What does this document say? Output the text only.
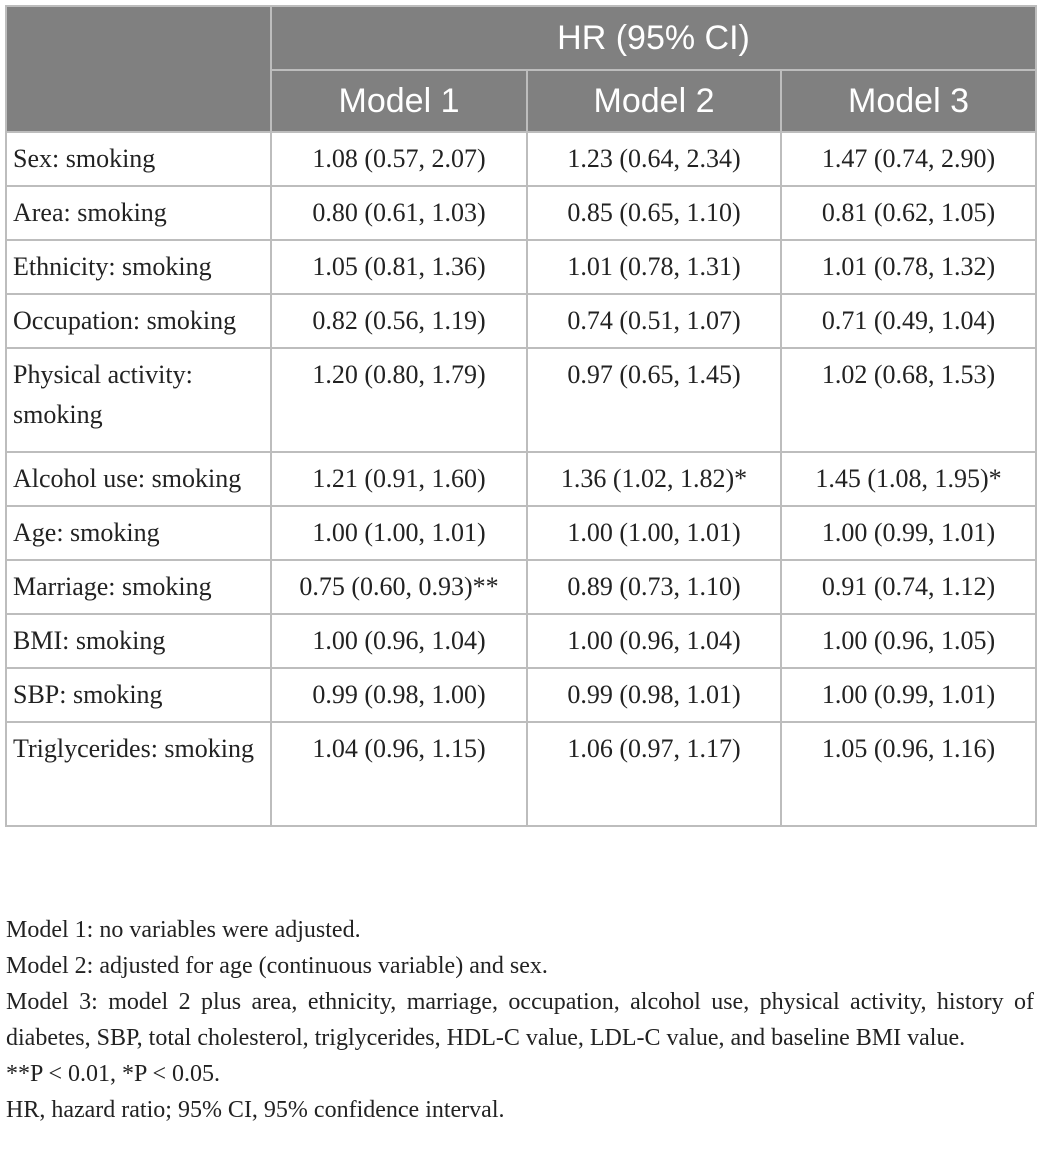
	HR (95% CI)		
	Model 1	Model 2	Model 3
Sex: smoking	1.08 (0.57, 2.07)	1.23 (0.64, 2.34)	1.47 (0.74, 2.90)
Area: smoking	0.80 (0.61, 1.03)	0.85 (0.65, 1.10)	0.81 (0.62, 1.05)
Ethnicity: smoking	1.05 (0.81, 1.36)	1.01 (0.78, 1.31)	1.01 (0.78, 1.32)
Occupation: smoking	0.82 (0.56, 1.19)	0.74 (0.51, 1.07)	0.71 (0.49, 1.04)
Physical activity: smoking	1.20 (0.80, 1.79)	0.97 (0.65, 1.45)	1.02 (0.68, 1.53)
Alcohol use: smoking	1.21 (0.91, 1.60)	1.36 (1.02, 1.82)*	1.45 (1.08, 1.95)*
Age: smoking	1.00 (1.00, 1.01)	1.00 (1.00, 1.01)	1.00 (0.99, 1.01)
Marriage: smoking	0.75 (0.60, 0.93)**	0.89 (0.73, 1.10)	0.91 (0.74, 1.12)
BMI: smoking	1.00 (0.96, 1.04)	1.00 (0.96, 1.04)	1.00 (0.96, 1.05)
SBP: smoking	0.99 (0.98, 1.00)	0.99 (0.98, 1.01)	1.00 (0.99, 1.01)
Triglycerides: smoking	1.04 (0.96, 1.15)	1.06 (0.97, 1.17)	1.05 (0.96, 1.16)

Model 1: no variables were adjusted.

Model 2: adjusted for age (continuous variable) and sex.

Model 3: model 2 plus area, ethnicity, marriage, occupation, alcohol use, physical activity, history of diabetes, SBP, total cholesterol, triglycerides, HDL-C value, LDL-C value, and baseline BMI value.

**P < 0.01, *P < 0.05.

HR, hazard ratio; 95% CI, 95% confidence interval.
